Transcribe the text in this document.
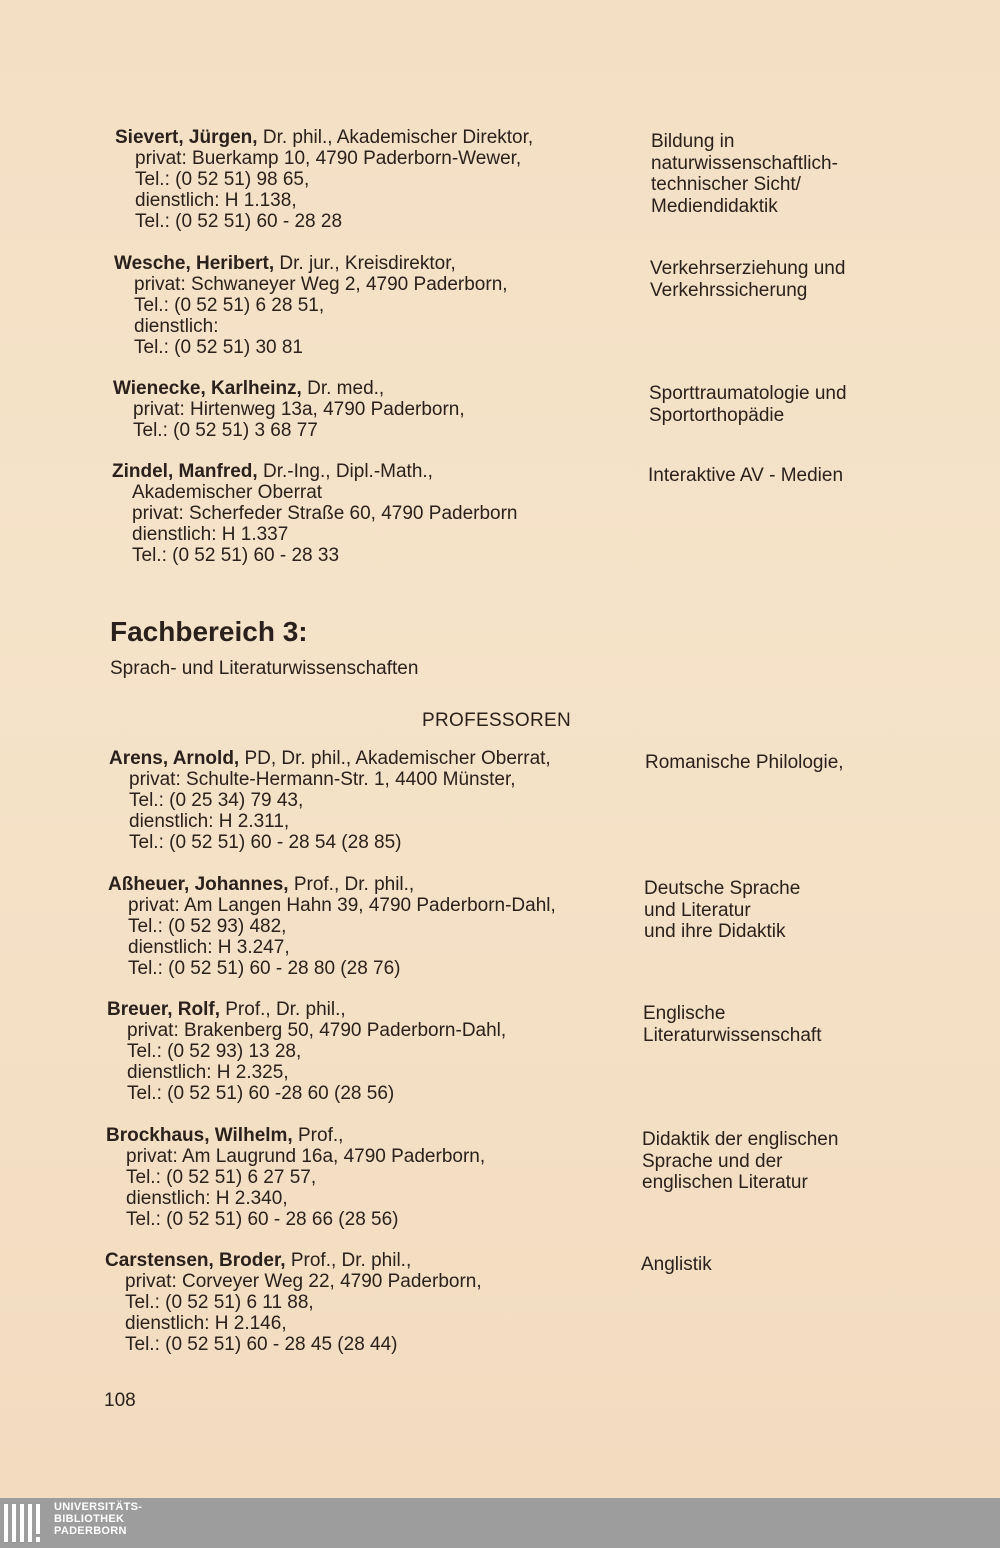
Sievert, Jürgen, Dr. phil., Akademischer Direktor,
privat: Buerkamp 10, 4790 Paderborn-Wewer,
Tel.: (0 52 51) 98 65,
dienstlich: H 1.138,
Tel.: (0 52 51) 60 - 28 28
Bildung in
naturwissenschaftlich-
technischer Sicht/
Mediendidaktik
Wesche, Heribert, Dr. jur., Kreisdirektor,
privat: Schwaneyer Weg 2, 4790 Paderborn,
Tel.: (0 52 51) 6 28 51,
dienstlich:
Tel.: (0 52 51) 30 81
Verkehrserziehung und
Verkehrssicherung
Wienecke, Karlheinz, Dr. med.,
privat: Hirtenweg 13a, 4790 Paderborn,
Tel.: (0 52 51) 3 68 77
Sporttraumatologie und
Sportorthopädie
Zindel, Manfred, Dr.-Ing., Dipl.-Math.,
Akademischer Oberrat
privat: Scherfeder Straße 60, 4790 Paderborn
dienstlich: H 1.337
Tel.: (0 52 51) 60 - 28 33
Interaktive AV - Medien
Fachbereich 3:
Sprach- und Literaturwissenschaften
PROFESSOREN
Arens, Arnold, PD, Dr. phil., Akademischer Oberrat,
privat: Schulte-Hermann-Str. 1, 4400 Münster,
Tel.: (0 25 34) 79 43,
dienstlich: H 2.311,
Tel.: (0 52 51) 60 - 28 54 (28 85)
Romanische Philologie,
Aßheuer, Johannes, Prof., Dr. phil.,
privat: Am Langen Hahn 39, 4790 Paderborn-Dahl,
Tel.: (0 52 93) 482,
dienstlich: H 3.247,
Tel.: (0 52 51) 60 - 28 80 (28 76)
Deutsche Sprache
und Literatur
und ihre Didaktik
Breuer, Rolf, Prof., Dr. phil.,
privat: Brakenberg 50, 4790 Paderborn-Dahl,
Tel.: (0 52 93) 13 28,
dienstlich: H 2.325,
Tel.: (0 52 51) 60 -28 60 (28 56)
Englische
Literaturwissenschaft
Brockhaus, Wilhelm, Prof.,
privat: Am Laugrund 16a, 4790 Paderborn,
Tel.: (0 52 51) 6 27 57,
dienstlich: H 2.340,
Tel.: (0 52 51) 60 - 28 66 (28 56)
Didaktik der englischen
Sprache und der
englischen Literatur
Carstensen, Broder, Prof., Dr. phil.,
privat: Corveyer Weg 22, 4790 Paderborn,
Tel.: (0 52 51) 6 11 88,
dienstlich: H 2.146,
Tel.: (0 52 51) 60 - 28 45 (28 44)
Anglistik
108
UNIVERSITÄTS-
BIBLIOTHEK
PADERBORN
